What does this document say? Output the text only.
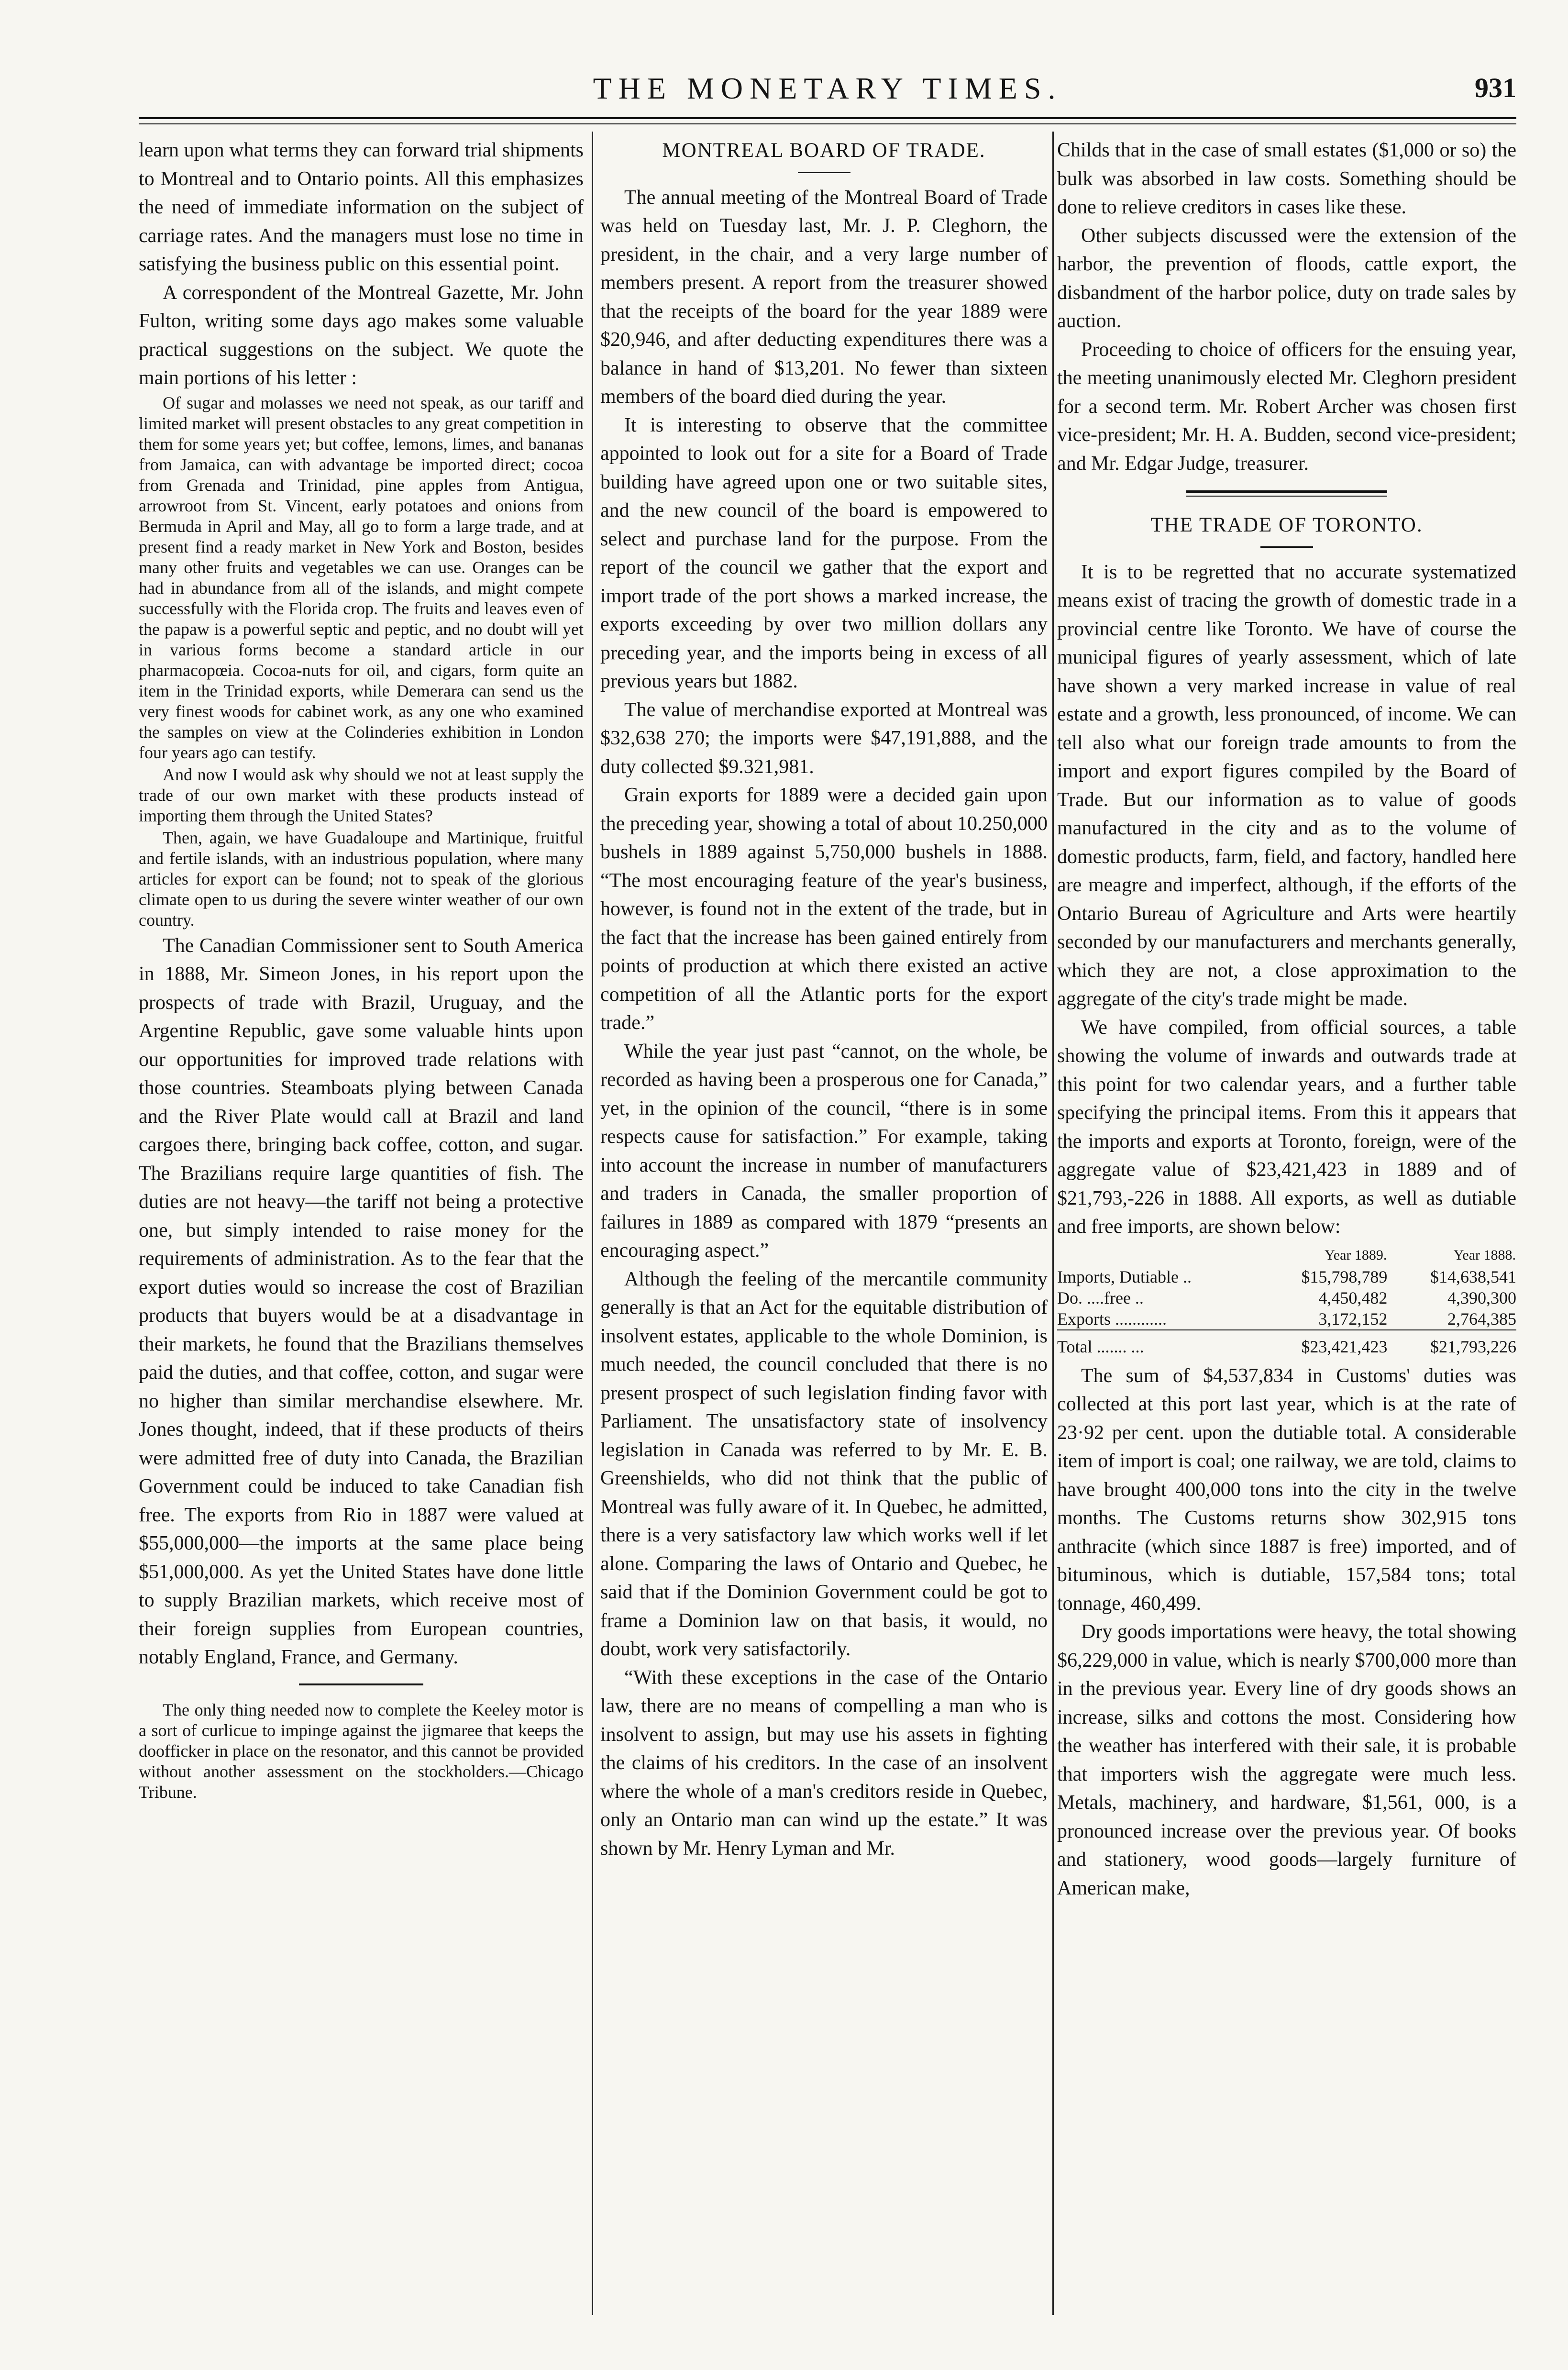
THE MONETARY TIMES.	931

learn upon what terms they can forward trial shipments to Montreal and to Ontario points. All this emphasizes the need of immediate information on the subject of carriage rates. And the managers must lose no time in satisfying the business public on this essential point.

A correspondent of the Montreal Gazette, Mr. John Fulton, writing some days ago makes some valuable practical suggestions on the subject. We quote the main portions of his letter :

Of sugar and molasses we need not speak, as our tariff and limited market will present obstacles to any great competition in them for some years yet; but coffee, lemons, limes, and bananas from Jamaica, can with advantage be imported direct; cocoa from Grenada and Trinidad, pine apples from Antigua, arrowroot from St. Vincent, early potatoes and onions from Bermuda in April and May, all go to form a large trade, and at present find a ready market in New York and Boston, besides many other fruits and vegetables we can use. Oranges can be had in abundance from all of the islands, and might compete successfully with the Florida crop. The fruits and leaves even of the papaw is a powerful septic and peptic, and no doubt will yet in various forms become a standard article in our pharmacopœia. Cocoa-nuts for oil, and cigars, form quite an item in the Trinidad exports, while Demerara can send us the very finest woods for cabinet work, as any one who examined the samples on view at the Colinderies exhibition in London four years ago can testify.

And now I would ask why should we not at least supply the trade of our own market with these products instead of importing them through the United States?

Then, again, we have Guadaloupe and Martinique, fruitful and fertile islands, with an industrious population, where many articles for export can be found; not to speak of the glorious climate open to us during the severe winter weather of our own country.

The Canadian Commissioner sent to South America in 1888, Mr. Simeon Jones, in his report upon the prospects of trade with Brazil, Uruguay, and the Argentine Republic, gave some valuable hints upon our opportunities for improved trade relations with those countries. Steamboats plying between Canada and the River Plate would call at Brazil and land cargoes there, bringing back coffee, cotton, and sugar. The Brazilians require large quantities of fish. The duties are not heavy—the tariff not being a protective one, but simply intended to raise money for the requirements of administration. As to the fear that the export duties would so increase the cost of Brazilian products that buyers would be at a disadvantage in their markets, he found that the Brazilians themselves paid the duties, and that coffee, cotton, and sugar were no higher than similar merchandise elsewhere. Mr. Jones thought, indeed, that if these products of theirs were admitted free of duty into Canada, the Brazilian Government could be induced to take Canadian fish free. The exports from Rio in 1887 were valued at $55,000,000—the imports at the same place being $51,000,000. As yet the United States have done little to supply Brazilian markets, which receive most of their foreign supplies from European countries, notably England, France, and Germany.

The only thing needed now to complete the Keeley motor is a sort of curlicue to impinge against the jigmaree that keeps the doofficker in place on the resonator, and this cannot be provided without another assessment on the stockholders.—Chicago Tribune.

MONTREAL BOARD OF TRADE.

The annual meeting of the Montreal Board of Trade was held on Tuesday last, Mr. J. P. Cleghorn, the president, in the chair, and a very large number of members present. A report from the treasurer showed that the receipts of the board for the year 1889 were $20,946, and after deducting expenditures there was a balance in hand of $13,201. No fewer than sixteen members of the board died during the year.

It is interesting to observe that the committee appointed to look out for a site for a Board of Trade building have agreed upon one or two suitable sites, and the new council of the board is empowered to select and purchase land for the purpose. From the report of the council we gather that the export and import trade of the port shows a marked increase, the exports exceeding by over two million dollars any preceding year, and the imports being in excess of all previous years but 1882.

The value of merchandise exported at Montreal was $32,638 270; the imports were $47,191,888, and the duty collected $9.321,981.

Grain exports for 1889 were a decided gain upon the preceding year, showing a total of about 10.250,000 bushels in 1889 against 5,750,000 bushels in 1888. “The most encouraging feature of the year's business, however, is found not in the extent of the trade, but in the fact that the increase has been gained entirely from points of production at which there existed an active competition of all the Atlantic ports for the export trade.”

While the year just past “cannot, on the whole, be recorded as having been a prosperous one for Canada,” yet, in the opinion of the council, “there is in some respects cause for satisfaction.” For example, taking into account the increase in number of manufacturers and traders in Canada, the smaller proportion of failures in 1889 as compared with 1879 “presents an encouraging aspect.”

Although the feeling of the mercantile community generally is that an Act for the equitable distribution of insolvent estates, applicable to the whole Dominion, is much needed, the council concluded that there is no present prospect of such legislation finding favor with Parliament. The unsatisfactory state of insolvency legislation in Canada was referred to by Mr. E. B. Greenshields, who did not think that the public of Montreal was fully aware of it. In Quebec, he admitted, there is a very satisfactory law which works well if let alone. Comparing the laws of Ontario and Quebec, he said that if the Dominion Government could be got to frame a Dominion law on that basis, it would, no doubt, work very satisfactorily.

“With these exceptions in the case of the Ontario law, there are no means of compelling a man who is insolvent to assign, but may use his assets in fighting the claims of his creditors. In the case of an insolvent where the whole of a man's creditors reside in Quebec, only an Ontario man can wind up the estate.” It was shown by Mr. Henry Lyman and Mr.

Childs that in the case of small estates ($1,000 or so) the bulk was absorbed in law costs. Something should be done to relieve creditors in cases like these.

Other subjects discussed were the extension of the harbor, the prevention of floods, cattle export, the disbandment of the harbor police, duty on trade sales by auction.

Proceeding to choice of officers for the ensuing year, the meeting unanimously elected Mr. Cleghorn president for a second term. Mr. Robert Archer was chosen first vice-president; Mr. H. A. Budden, second vice-president; and Mr. Edgar Judge, treasurer.

THE TRADE OF TORONTO.

It is to be regretted that no accurate systematized means exist of tracing the growth of domestic trade in a provincial centre like Toronto. We have of course the municipal figures of yearly assessment, which of late have shown a very marked increase in value of real estate and a growth, less pronounced, of income. We can tell also what our foreign trade amounts to from the import and export figures compiled by the Board of Trade. But our information as to value of goods manufactured in the city and as to the volume of domestic products, farm, field, and factory, handled here are meagre and imperfect, although, if the efforts of the Ontario Bureau of Agriculture and Arts were heartily seconded by our manufacturers and merchants generally, which they are not, a close approximation to the aggregate of the city's trade might be made.

We have compiled, from official sources, a table showing the volume of inwards and outwards trade at this point for two calendar years, and a further table specifying the principal items. From this it appears that the imports and exports at Toronto, foreign, were of the aggregate value of $23,421,423 in 1889 and of $21,793,-226 in 1888. All exports, as well as dutiable and free imports, are shown below:

	Year 1889.	Year 1888.
Imports, Dutiable ..	$15,798,789	$14,638,541
Do. ....free ..	4,450,482	4,390,300
Exports ............	3,172,152	2,764,385
Total ....... ...	$23,421,423	$21,793,226

The sum of $4,537,834 in Customs' duties was collected at this port last year, which is at the rate of 23·92 per cent. upon the dutiable total. A considerable item of import is coal; one railway, we are told, claims to have brought 400,000 tons into the city in the twelve months. The Customs returns show 302,915 tons anthracite (which since 1887 is free) imported, and of bituminous, which is dutiable, 157,584 tons; total tonnage, 460,499.

Dry goods importations were heavy, the total showing $6,229,000 in value, which is nearly $700,000 more than in the previous year. Every line of dry goods shows an increase, silks and cottons the most. Considering how the weather has interfered with their sale, it is probable that importers wish the aggregate were much less. Metals, machinery, and hardware, $1,561, 000, is a pronounced increase over the previous year. Of books and stationery, wood goods—largely furniture of American make,
